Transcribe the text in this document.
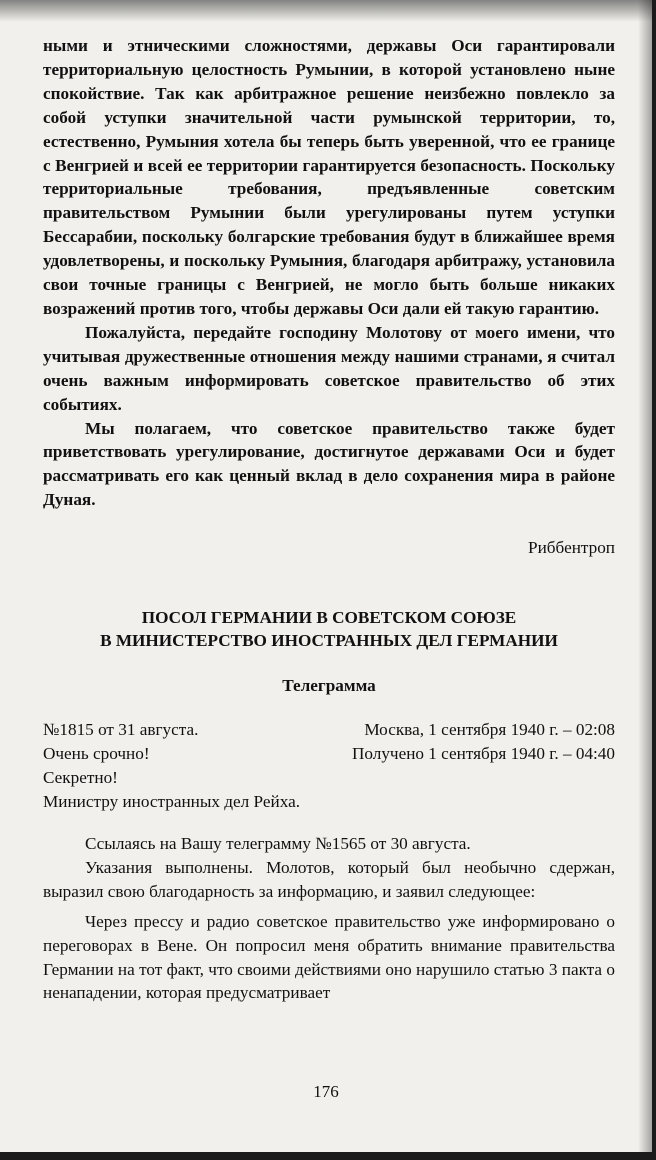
ными и этническими сложностями, державы Оси гарантировали территориальную целостность Румынии, в которой установлено ныне спокойствие. Так как арбитражное решение неизбежно повлекло за собой уступки значительной части румынской территории, то, естественно, Румыния хотела бы теперь быть уверенной, что ее границе с Венгрией и всей ее территории гарантируется безопасность. Поскольку территориальные требования, предъявленные советским правительством Румынии были урегулированы путем уступки Бессарабии, поскольку болгарские требования будут в ближайшее время удовлетворены, и поскольку Румыния, благодаря арбитражу, установила свои точные границы с Венгрией, не могло быть больше никаких возражений против того, чтобы державы Оси дали ей такую гарантию.

Пожалуйста, передайте господину Молотову от моего имени, что учитывая дружественные отношения между нашими странами, я считал очень важным информировать советское правительство об этих событиях.

Мы полагаем, что советское правительство также будет приветствовать урегулирование, достигнутое державами Оси и будет рассматривать его как ценный вклад в дело сохранения мира в районе Дуная.

Риббентроп

ПОСОЛ ГЕРМАНИИ В СОВЕТСКОМ СОЮЗЕ

В МИНИСТЕРСТВО ИНОСТРАННЫХ ДЕЛ ГЕРМАНИИ

Телеграмма

№1815 от 31 августа.	Москва, 1 сентября 1940 г. – 02:08
Очень срочно!	Получено 1 сентября 1940 г. – 04:40

Секретно!

Министру иностранных дел Рейха.

Ссылаясь на Вашу телеграмму №1565 от 30 августа.

Указания выполнены. Молотов, который был необычно сдержан, выразил свою благодарность за информацию, и заявил следующее:

Через прессу и радио советское правительство уже информировано о переговорах в Вене. Он попросил меня обратить внимание правительства Германии на тот факт, что своими действиями оно нарушило статью 3 пакта о ненападении, которая предусматривает

176
